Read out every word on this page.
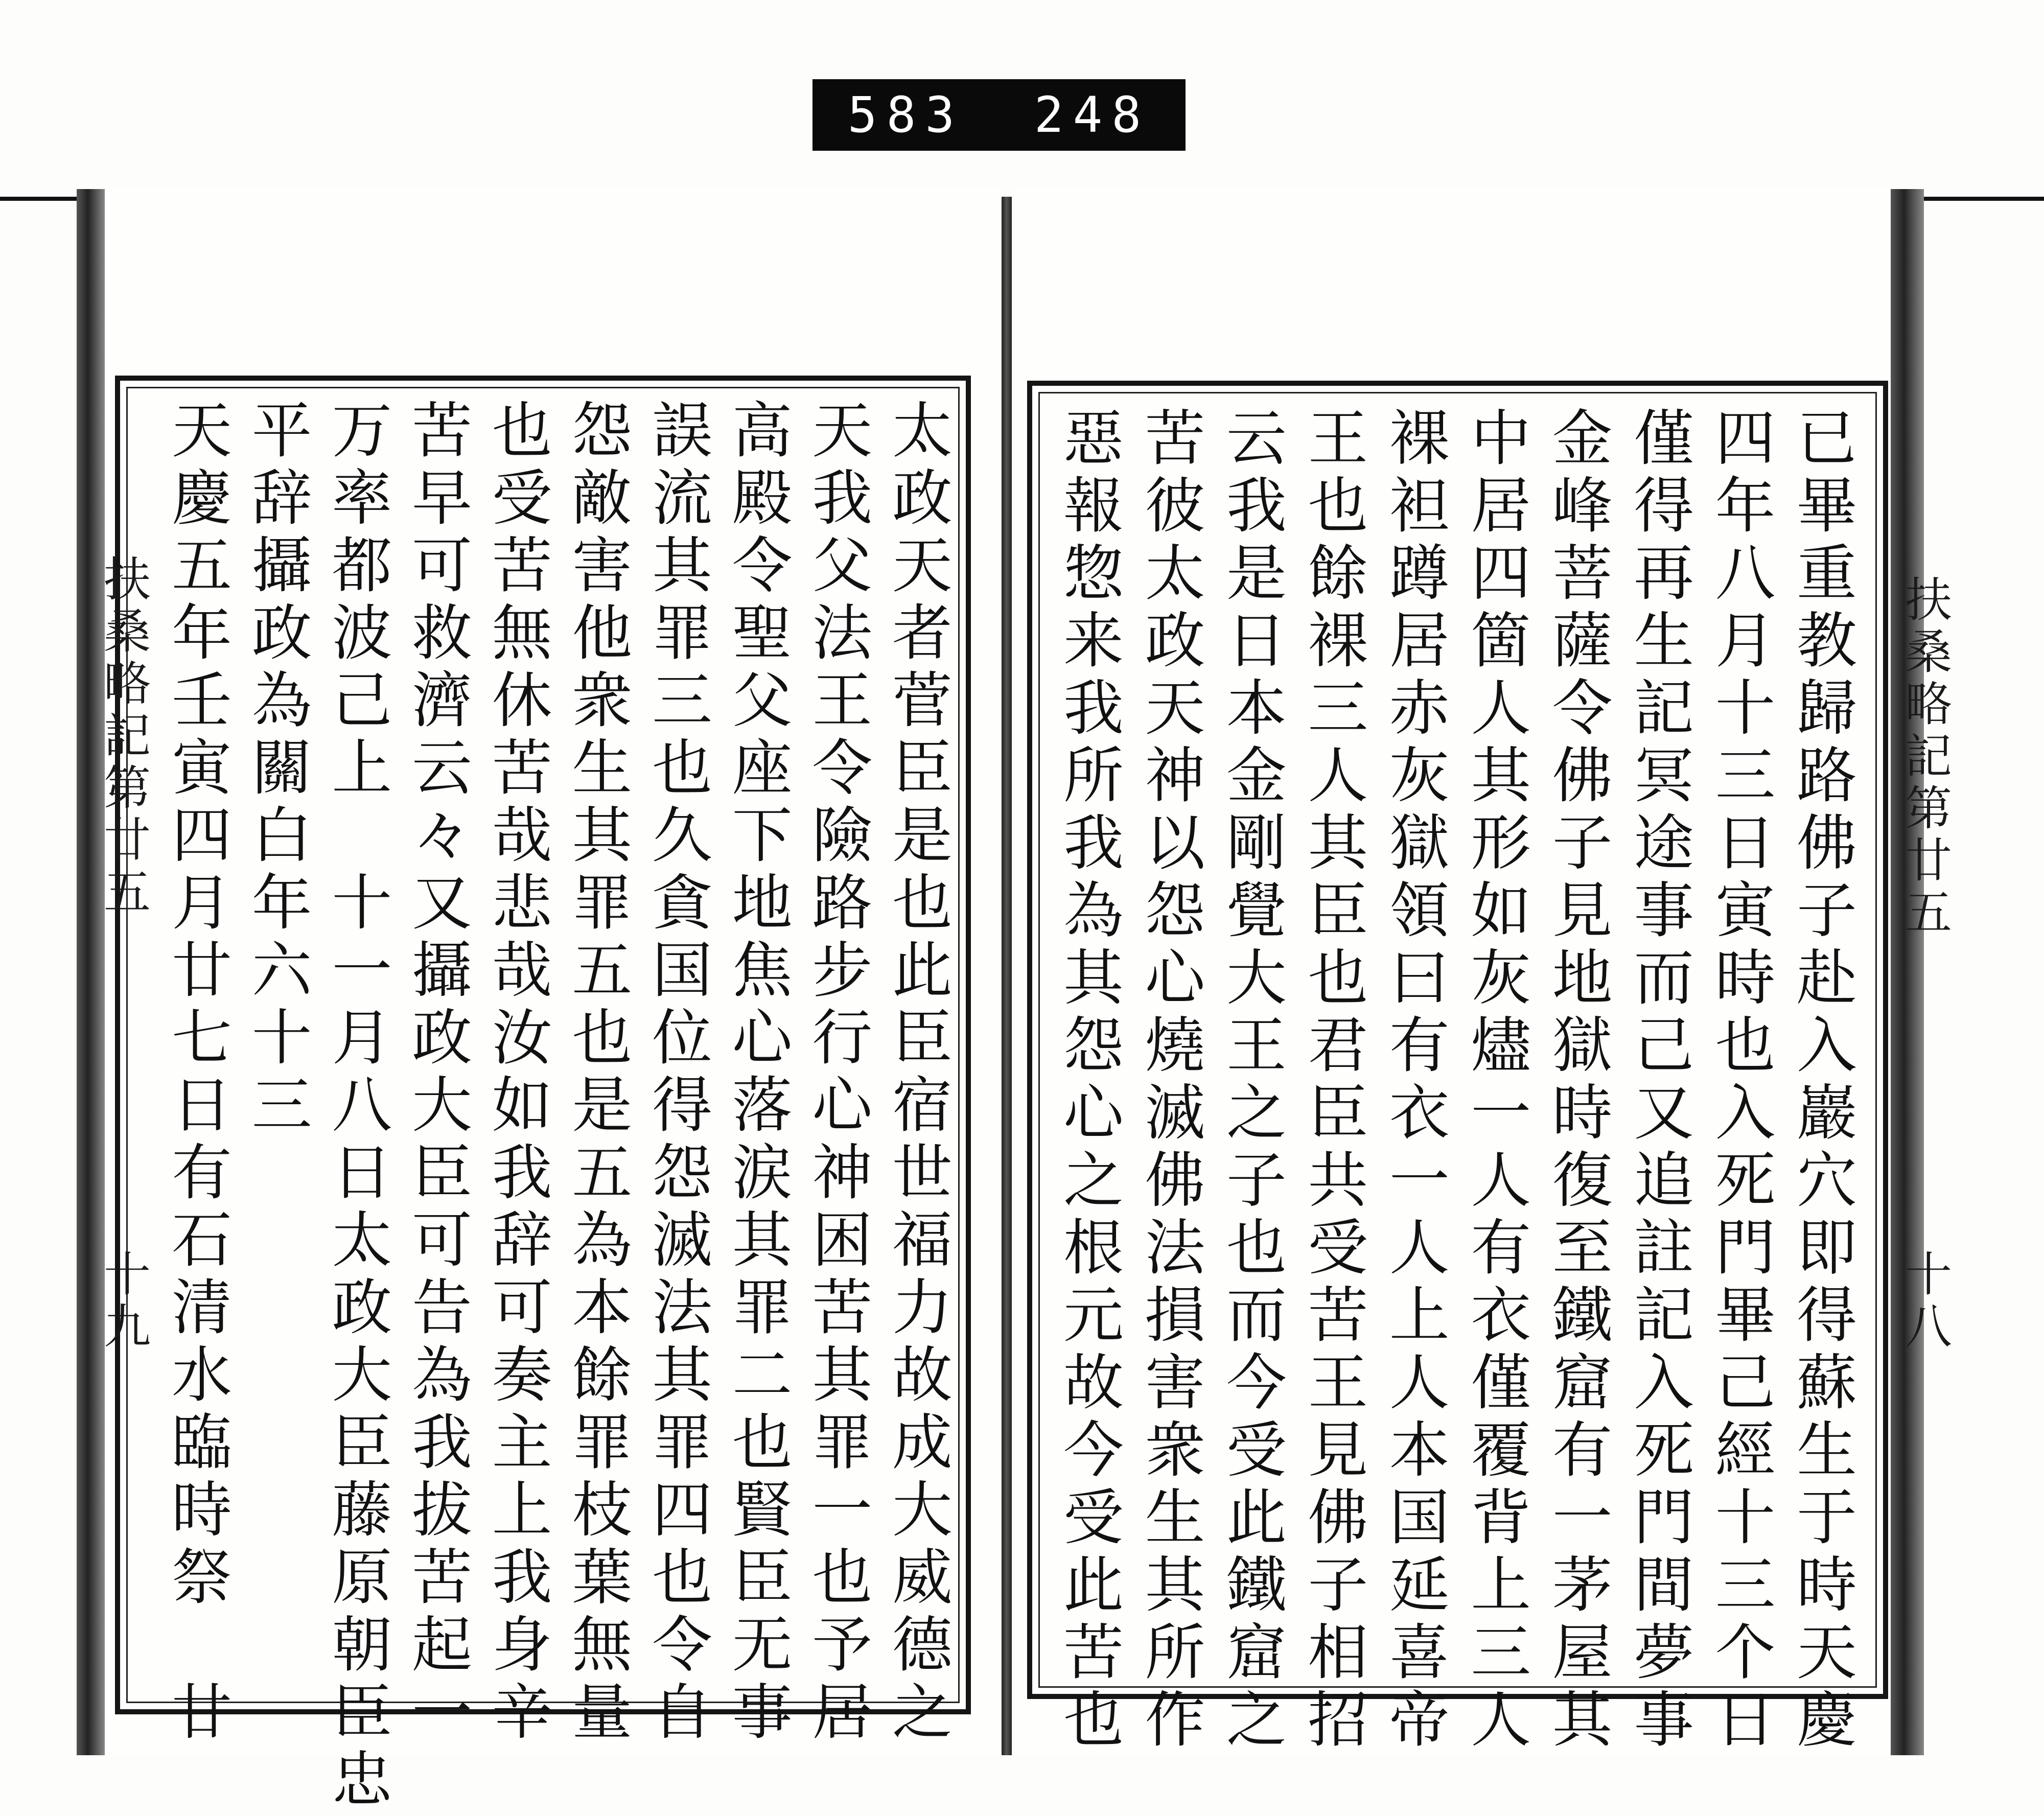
583 248
扶桑略記第廿五
十九	太政天者菅臣是也此臣宿世福力故成大威德之
天我父法王令險路步行心神困苦其罪一也予居
高殿令聖父座下地焦心落涙其罪二也賢臣无事
誤流其罪三也久貪国位得怨滅法其罪四也令自
怨敵害他衆生其罪五也是五為本餘罪枝葉無量
也受苦無休苦哉悲哉汝如我辞可奏主上我身辛
苦早可救濟云々又攝政大臣可告為我拔苦起一
万率都波己上　十一月八日太政大臣藤原朝臣忠
平辞攝政為關白年六十三
天慶五年壬寅四月廿七日有石清水臨時祭　廿	扶桑略記第廿五
十八
已畢重教歸路佛子赴入巖穴即得蘇生于時天慶
四年八月十三日寅時也入死門畢己經十三个日
僅得再生記冥途事而己又追註記入死門間夢事
金峰菩薩令佛子見地獄時復至鐵窟有一茅屋其
中居四箇人其形如灰燼一人有衣僅覆背上三人
裸袒蹲居赤灰獄領曰有衣一人上人本国延喜帝
王也餘裸三人其臣也君臣共受苦王見佛子相招
云我是日本金剛覺大王之子也而今受此鐵窟之
苦彼太政天神以怨心燒滅佛法損害衆生其所作
惡報惣来我所我為其怨心之根元故今受此苦也
